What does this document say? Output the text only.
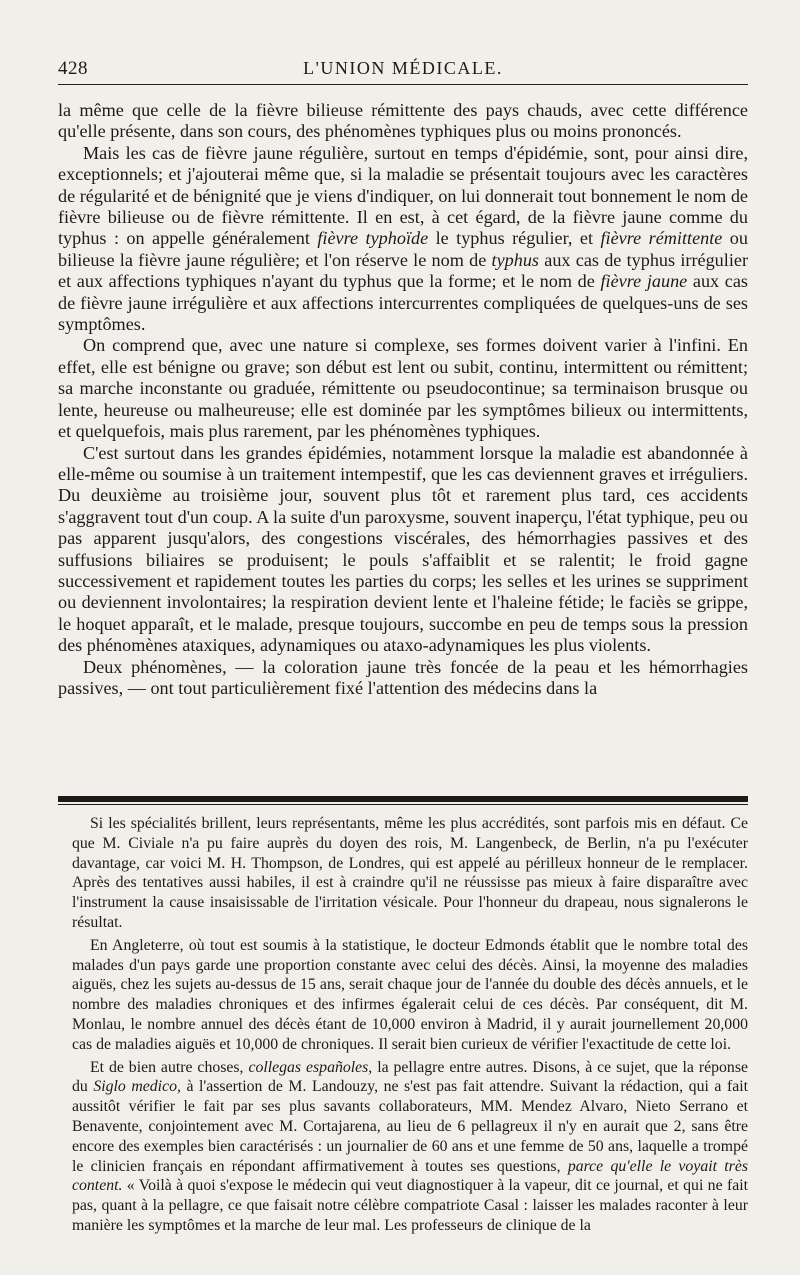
428	L'UNION MÉDICALE.

la même que celle de la fièvre bilieuse rémittente des pays chauds, avec cette différence qu'elle présente, dans son cours, des phénomènes typhiques plus ou moins prononcés.

Mais les cas de fièvre jaune régulière, surtout en temps d'épidémie, sont, pour ainsi dire, exceptionnels; et j'ajouterai même que, si la maladie se présentait toujours avec les caractères de régularité et de bénignité que je viens d'indiquer, on lui donnerait tout bonnement le nom de fièvre bilieuse ou de fièvre rémittente. Il en est, à cet égard, de la fièvre jaune comme du typhus : on appelle généralement fièvre typhoïde le typhus régulier, et fièvre rémittente ou bilieuse la fièvre jaune régulière; et l'on réserve le nom de typhus aux cas de typhus irrégulier et aux affections typhiques n'ayant du typhus que la forme; et le nom de fièvre jaune aux cas de fièvre jaune irrégulière et aux affections intercurrentes compliquées de quelques-uns de ses symptômes.

On comprend que, avec une nature si complexe, ses formes doivent varier à l'infini. En effet, elle est bénigne ou grave; son début est lent ou subit, continu, intermittent ou rémittent; sa marche inconstante ou graduée, rémittente ou pseudocontinue; sa terminaison brusque ou lente, heureuse ou malheureuse; elle est dominée par les symptômes bilieux ou intermittents, et quelquefois, mais plus rarement, par les phénomènes typhiques.

C'est surtout dans les grandes épidémies, notamment lorsque la maladie est abandonnée à elle-même ou soumise à un traitement intempestif, que les cas deviennent graves et irréguliers. Du deuxième au troisième jour, souvent plus tôt et rarement plus tard, ces accidents s'aggravent tout d'un coup. A la suite d'un paroxysme, souvent inaperçu, l'état typhique, peu ou pas apparent jusqu'alors, des congestions viscérales, des hémorrhagies passives et des suffusions biliaires se produisent; le pouls s'affaiblit et se ralentit; le froid gagne successivement et rapidement toutes les parties du corps; les selles et les urines se suppriment ou deviennent involontaires; la respiration devient lente et l'haleine fétide; le faciès se grippe, le hoquet apparaît, et le malade, presque toujours, succombe en peu de temps sous la pression des phénomènes ataxiques, adynamiques ou ataxo-adynamiques les plus violents.

Deux phénomènes, — la coloration jaune très foncée de la peau et les hémorrhagies passives, — ont tout particulièrement fixé l'attention des médecins dans la

Si les spécialités brillent, leurs représentants, même les plus accrédités, sont parfois mis en défaut. Ce que M. Civiale n'a pu faire auprès du doyen des rois, M. Langenbeck, de Berlin, n'a pu l'exécuter davantage, car voici M. H. Thompson, de Londres, qui est appelé au périlleux honneur de le remplacer. Après des tentatives aussi habiles, il est à craindre qu'il ne réussisse pas mieux à faire disparaître avec l'instrument la cause insaisissable de l'irritation vésicale. Pour l'honneur du drapeau, nous signalerons le résultat.

En Angleterre, où tout est soumis à la statistique, le docteur Edmonds établit que le nombre total des malades d'un pays garde une proportion constante avec celui des décès. Ainsi, la moyenne des maladies aiguës, chez les sujets au-dessus de 15 ans, serait chaque jour de l'année du double des décès annuels, et le nombre des maladies chroniques et des infirmes égalerait celui de ces décès. Par conséquent, dit M. Monlau, le nombre annuel des décès étant de 10,000 environ à Madrid, il y aurait journellement 20,000 cas de maladies aiguës et 10,000 de chroniques. Il serait bien curieux de vérifier l'exactitude de cette loi.

Et de bien autre choses, collegas españoles, la pellagre entre autres. Disons, à ce sujet, que la réponse du Siglo medico, à l'assertion de M. Landouzy, ne s'est pas fait attendre. Suivant la rédaction, qui a fait aussitôt vérifier le fait par ses plus savants collaborateurs, MM. Mendez Alvaro, Nieto Serrano et Benavente, conjointement avec M. Cortajarena, au lieu de 6 pellagreux il n'y en aurait que 2, sans être encore des exemples bien caractérisés : un journalier de 60 ans et une femme de 50 ans, laquelle a trompé le clinicien français en répondant affirmativement à toutes ses questions, parce qu'elle le voyait très content. « Voilà à quoi s'expose le médecin qui veut diagnostiquer à la vapeur, dit ce journal, et qui ne fait pas, quant à la pellagre, ce que faisait notre célèbre compatriote Casal : laisser les malades raconter à leur manière les symptômes et la marche de leur mal. Les professeurs de clinique de la
